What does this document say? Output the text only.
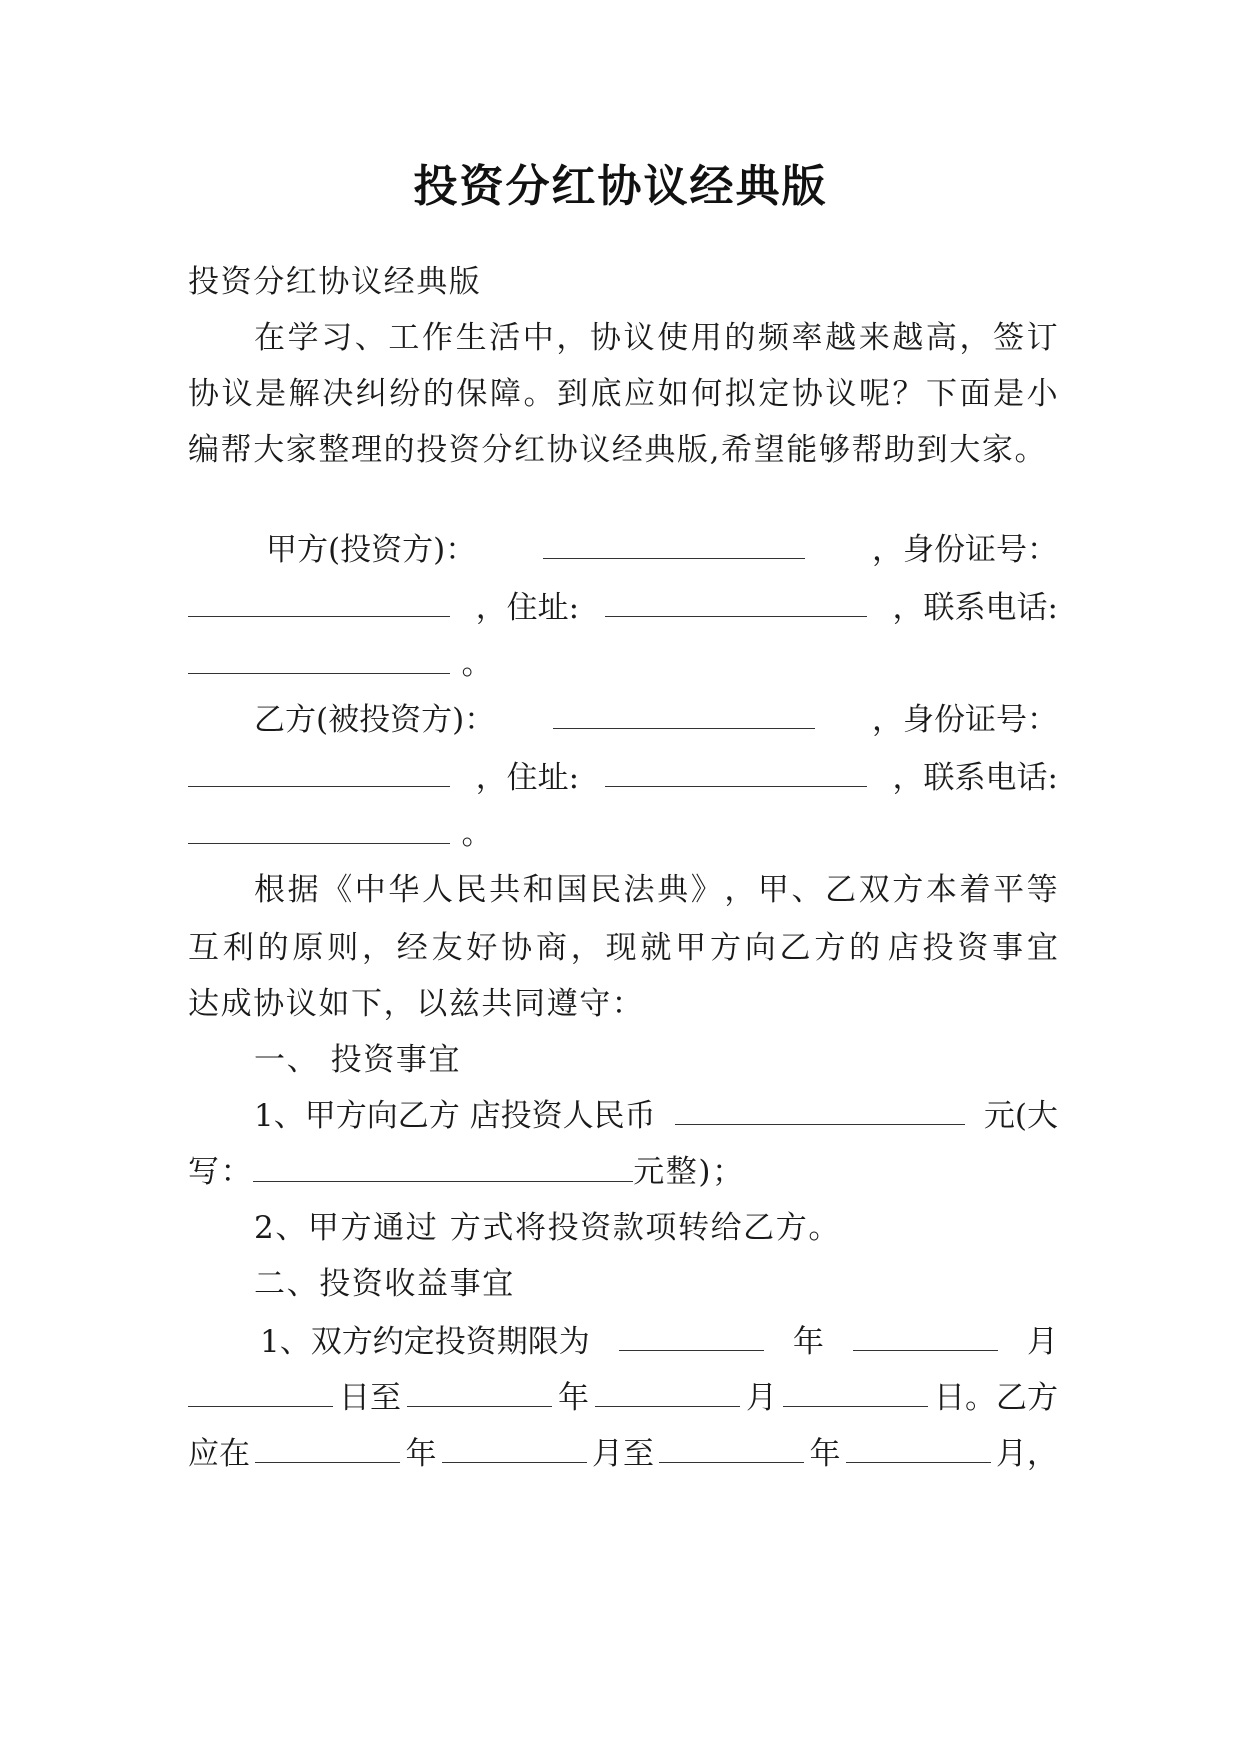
投资分红协议经典版
投资分红协议经典版
在 学 习 、 工 作 生 活 中 ， 协 议 使 用 的 频 率 越 来 越 高 ， 签 订
协 议 是 解 决 纠 纷 的 保 障 。 到 底 应 如 何 拟 定 协 议 呢 ？ 下 面 是 小
编帮大家整理的投资分红协议经典版,希望能够帮助到大家。
甲方(投资方)：	，身份证号：
，住址:	，联系电话:
。
乙方(被投资方)：	，身份证号：
，住址:	，联系电话:
。
根 据 《 中 华 人 民 共 和 国 民 法 典 》 ， 甲 、 乙 双 方 本 着 平 等
互 利 的 原 则 ， 经 友 好 协 商 ， 现 就 甲 方 向 乙 方 的 店 投 资 事 宜
达成协议如下，以兹共同遵守：
一、 投资事宜
1、甲方向乙方 店投资人民币	元(大
写：	元整)；
2、甲方通过 方式将投资款项转给乙方。
二、投资收益事宜
1、双方约定投资期限为	年	月
日至	年	月	日。乙方
应在	年	月至	年	月，
